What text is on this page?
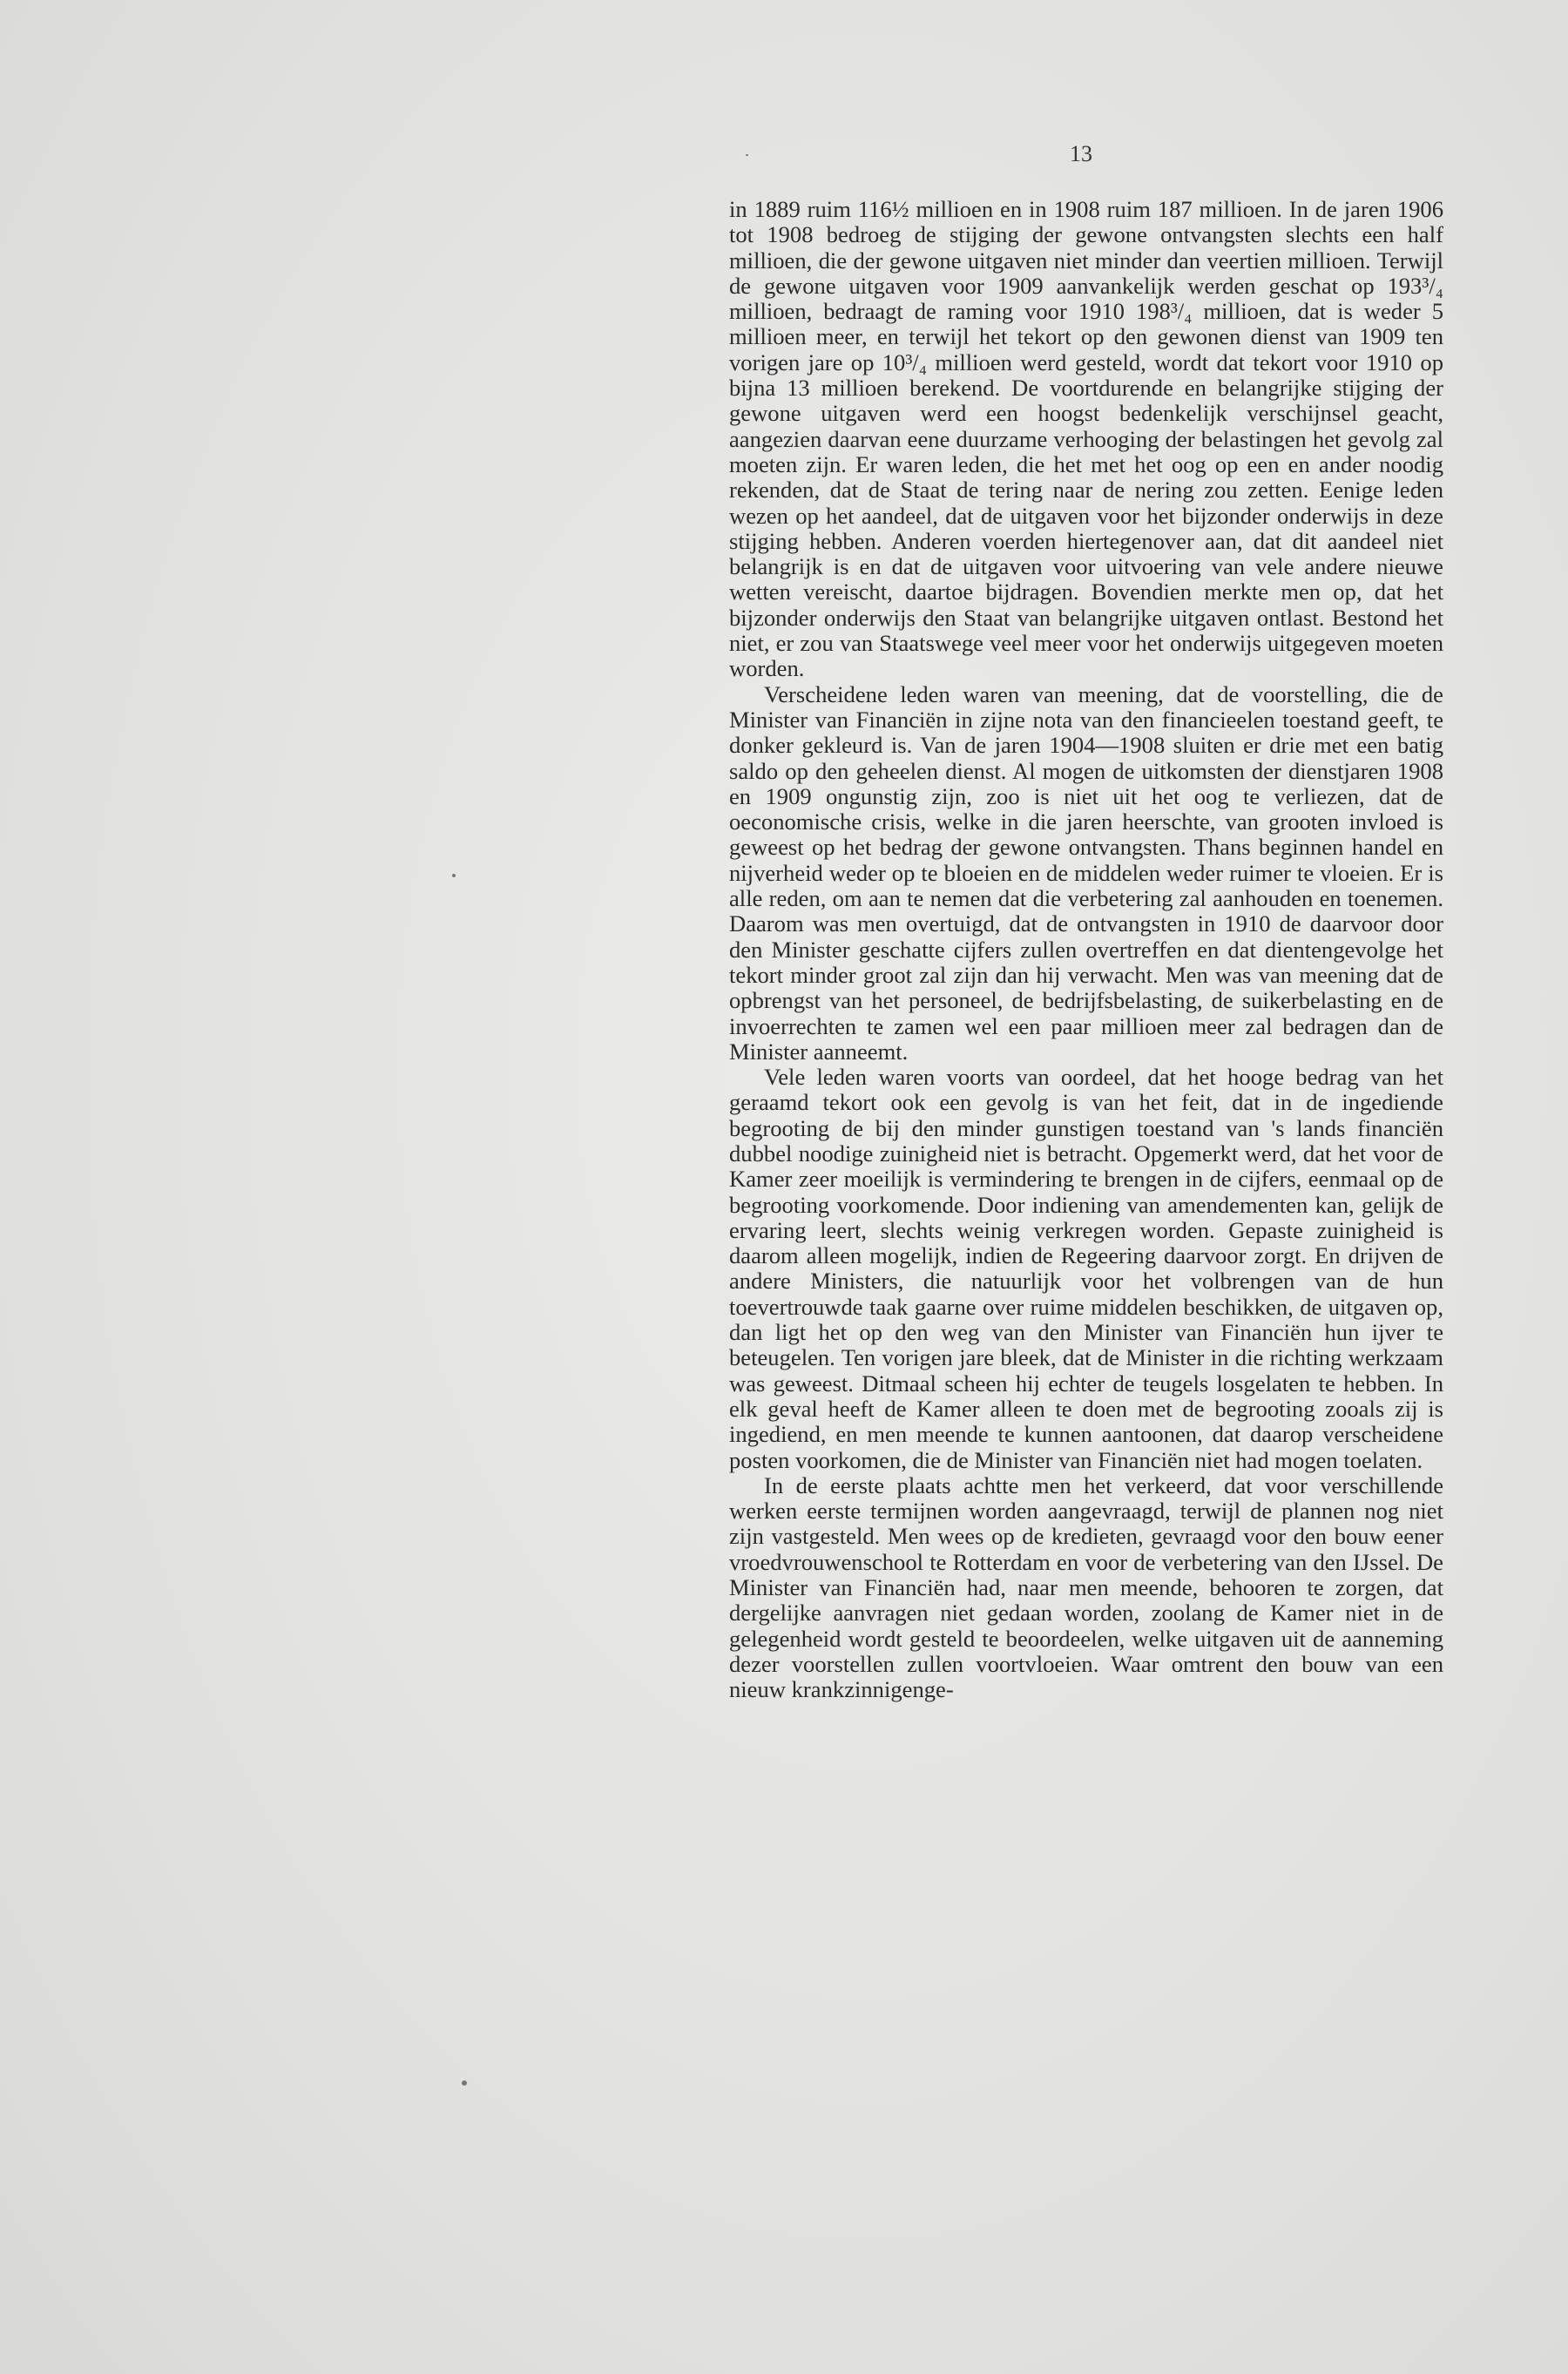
13

in 1889 ruim 116½ millioen en in 1908 ruim 187 millioen. In de jaren 1906 tot 1908 bedroeg de stijging der gewone ontvangsten slechts een half millioen, die der gewone uitgaven niet minder dan veertien millioen. Terwijl de gewone uitgaven voor 1909 aanvankelijk werden geschat op 193³/₄ millioen, bedraagt de raming voor 1910 198³/₄ millioen, dat is weder 5 millioen meer, en terwijl het tekort op den gewonen dienst van 1909 ten vorigen jare op 10³/₄ millioen werd gesteld, wordt dat tekort voor 1910 op bijna 13 millioen berekend. De voortdurende en belangrijke stijging der gewone uitgaven werd een hoogst bedenkelijk verschijnsel geacht, aangezien daarvan eene duurzame verhooging der belastingen het gevolg zal moeten zijn. Er waren leden, die het met het oog op een en ander noodig rekenden, dat de Staat de tering naar de nering zou zetten. Eenige leden wezen op het aandeel, dat de uitgaven voor het bijzonder onderwijs in deze stijging hebben. Anderen voerden hiertegenover aan, dat dit aandeel niet belangrijk is en dat de uitgaven voor uitvoering van vele andere nieuwe wetten vereischt, daartoe bijdragen. Bovendien merkte men op, dat het bijzonder onderwijs den Staat van belangrijke uitgaven ontlast. Bestond het niet, er zou van Staatswege veel meer voor het onderwijs uitgegeven moeten worden.

Verscheidene leden waren van meening, dat de voorstelling, die de Minister van Financiën in zijne nota van den financieelen toestand geeft, te donker gekleurd is. Van de jaren 1904—1908 sluiten er drie met een batig saldo op den geheelen dienst. Al mogen de uitkomsten der dienstjaren 1908 en 1909 ongunstig zijn, zoo is niet uit het oog te verliezen, dat de oeconomische crisis, welke in die jaren heerschte, van grooten invloed is geweest op het bedrag der gewone ontvangsten. Thans beginnen handel en nijverheid weder op te bloeien en de middelen weder ruimer te vloeien. Er is alle reden, om aan te nemen dat die verbetering zal aanhouden en toenemen. Daarom was men overtuigd, dat de ontvangsten in 1910 de daarvoor door den Minister geschatte cijfers zullen overtreffen en dat dientengevolge het tekort minder groot zal zijn dan hij verwacht. Men was van meening dat de opbrengst van het personeel, de bedrijfsbelasting, de suikerbelasting en de invoerrechten te zamen wel een paar millioen meer zal bedragen dan de Minister aanneemt.

Vele leden waren voorts van oordeel, dat het hooge bedrag van het geraamd tekort ook een gevolg is van het feit, dat in de ingediende begrooting de bij den minder gunstigen toestand van 's lands financiën dubbel noodige zuinigheid niet is betracht. Opgemerkt werd, dat het voor de Kamer zeer moeilijk is vermindering te brengen in de cijfers, eenmaal op de begrooting voorkomende. Door indiening van amendementen kan, gelijk de ervaring leert, slechts weinig verkregen worden. Gepaste zuinigheid is daarom alleen mogelijk, indien de Regeering daarvoor zorgt. En drijven de andere Ministers, die natuurlijk voor het volbrengen van de hun toevertrouwde taak gaarne over ruime middelen beschikken, de uitgaven op, dan ligt het op den weg van den Minister van Financiën hun ijver te beteugelen. Ten vorigen jare bleek, dat de Minister in die richting werkzaam was geweest. Ditmaal scheen hij echter de teugels losgelaten te hebben. In elk geval heeft de Kamer alleen te doen met de begrooting zooals zij is ingediend, en men meende te kunnen aantoonen, dat daarop verscheidene posten voorkomen, die de Minister van Financiën niet had mogen toelaten.

In de eerste plaats achtte men het verkeerd, dat voor verschillende werken eerste termijnen worden aangevraagd, terwijl de plannen nog niet zijn vastgesteld. Men wees op de kredieten, gevraagd voor den bouw eener vroedvrouwenschool te Rotterdam en voor de verbetering van den IJssel. De Minister van Financiën had, naar men meende, behooren te zorgen, dat dergelijke aanvragen niet gedaan worden, zoolang de Kamer niet in de gelegenheid wordt gesteld te beoordeelen, welke uitgaven uit de aanneming dezer voorstellen zullen voortvloeien. Waar omtrent den bouw van een nieuw krankzinnigenge-
